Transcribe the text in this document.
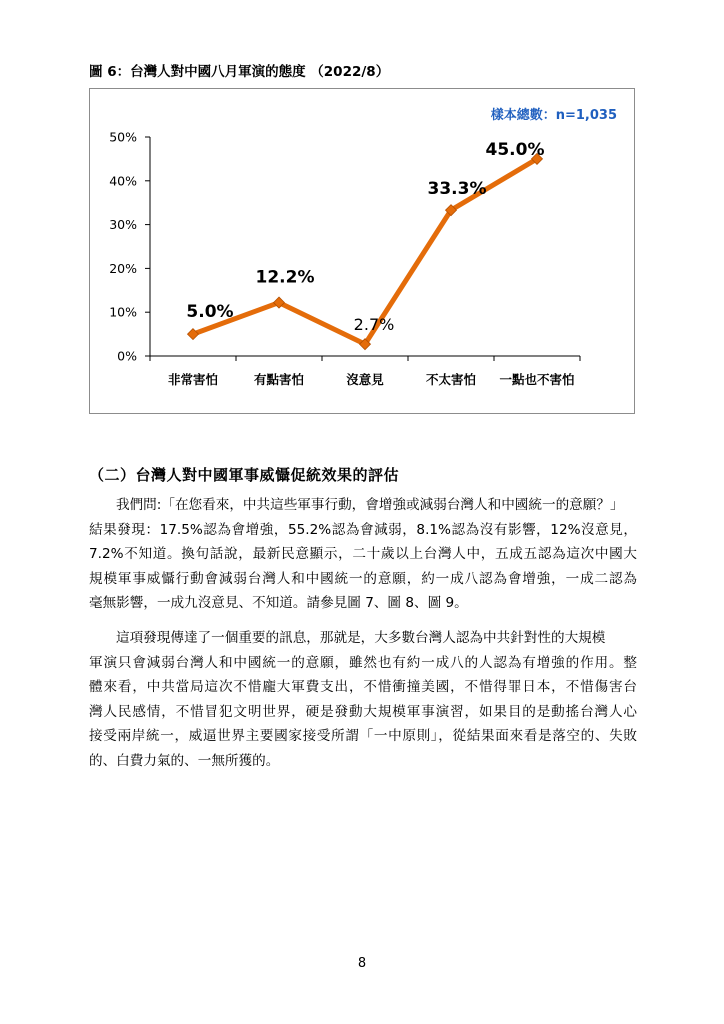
圖 6：台灣人對中國八月軍演的態度 （2022/8）
樣本總數：n=1,035
0%
10%
20%
30%
40%
50%
非常害怕	有點害怕	沒意見	不太害怕 一點也不害怕
5.0%
12.2%
2.7%
33.3%
45.0%
（二）台灣人對中國軍事威懾促統效果的評估
我們問:「在您看來，中共這些軍事行動，會增強或減弱台灣人和中國統一的意願？」
結果發現：17.5%認為會增強，55.2%認為會減弱，8.1%認為沒有影響，12%沒意見，
7.2%不知道。換句話說，最新民意顯示，二十歲以上台灣人中，五成五認為這次中國大
規模軍事威懾行動會減弱台灣人和中國統一的意願，約一成八認為會增強，一成二認為
毫無影響，一成九沒意見、不知道。請參見圖 7、圖 8、圖 9。
這項發現傳達了一個重要的訊息，那就是，大多數台灣人認為中共針對性的大規模
軍演只會減弱台灣人和中國統一的意願，雖然也有約一成八的人認為有增強的作用。整
體來看，中共當局這次不惜龐大軍費支出，不惜衝撞美國，不惜得罪日本，不惜傷害台
灣人民感情，不惜冒犯文明世界，硬是發動大規模軍事演習，如果目的是動搖台灣人心
接受兩岸統一，威逼世界主要國家接受所謂「一中原則」，從結果面來看是落空的、失敗
的、白費力氣的、一無所獲的。
8
